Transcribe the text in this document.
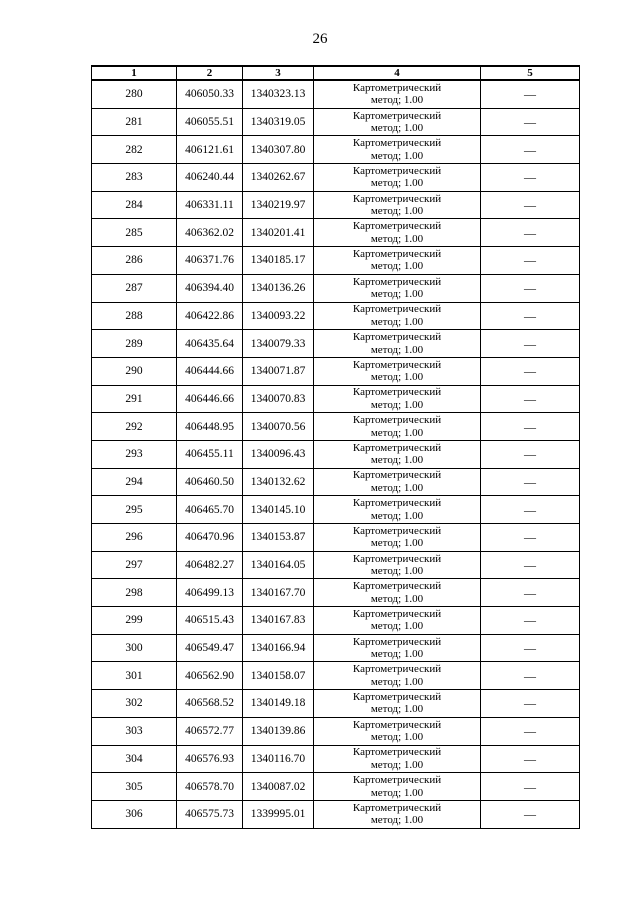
26
1	2	3	4	5
280	406050.33	1340323.13	Картометрический
метод; 1.00	—
281	406055.51	1340319.05	Картометрический
метод; 1.00	—
282	406121.61	1340307.80	Картометрический
метод; 1.00	—
283	406240.44	1340262.67	Картометрический
метод; 1.00	—
284	406331.11	1340219.97	Картометрический
метод; 1.00	—
285	406362.02	1340201.41	Картометрический
метод; 1.00	—
286	406371.76	1340185.17	Картометрический
метод; 1.00	—
287	406394.40	1340136.26	Картометрический
метод; 1.00	—
288	406422.86	1340093.22	Картометрический
метод; 1.00	—
289	406435.64	1340079.33	Картометрический
метод; 1.00	—
290	406444.66	1340071.87	Картометрический
метод; 1.00	—
291	406446.66	1340070.83	Картометрический
метод; 1.00	—
292	406448.95	1340070.56	Картометрический
метод; 1.00	—
293	406455.11	1340096.43	Картометрический
метод; 1.00	—
294	406460.50	1340132.62	Картометрический
метод; 1.00	—
295	406465.70	1340145.10	Картометрический
метод; 1.00	—
296	406470.96	1340153.87	Картометрический
метод; 1.00	—
297	406482.27	1340164.05	Картометрический
метод; 1.00	—
298	406499.13	1340167.70	Картометрический
метод; 1.00	—
299	406515.43	1340167.83	Картометрический
метод; 1.00	—
300	406549.47	1340166.94	Картометрический
метод; 1.00	—
301	406562.90	1340158.07	Картометрический
метод; 1.00	—
302	406568.52	1340149.18	Картометрический
метод; 1.00	—
303	406572.77	1340139.86	Картометрический
метод; 1.00	—
304	406576.93	1340116.70	Картометрический
метод; 1.00	—
305	406578.70	1340087.02	Картометрический
метод; 1.00	—
306	406575.73	1339995.01	Картометрический
метод; 1.00	—
